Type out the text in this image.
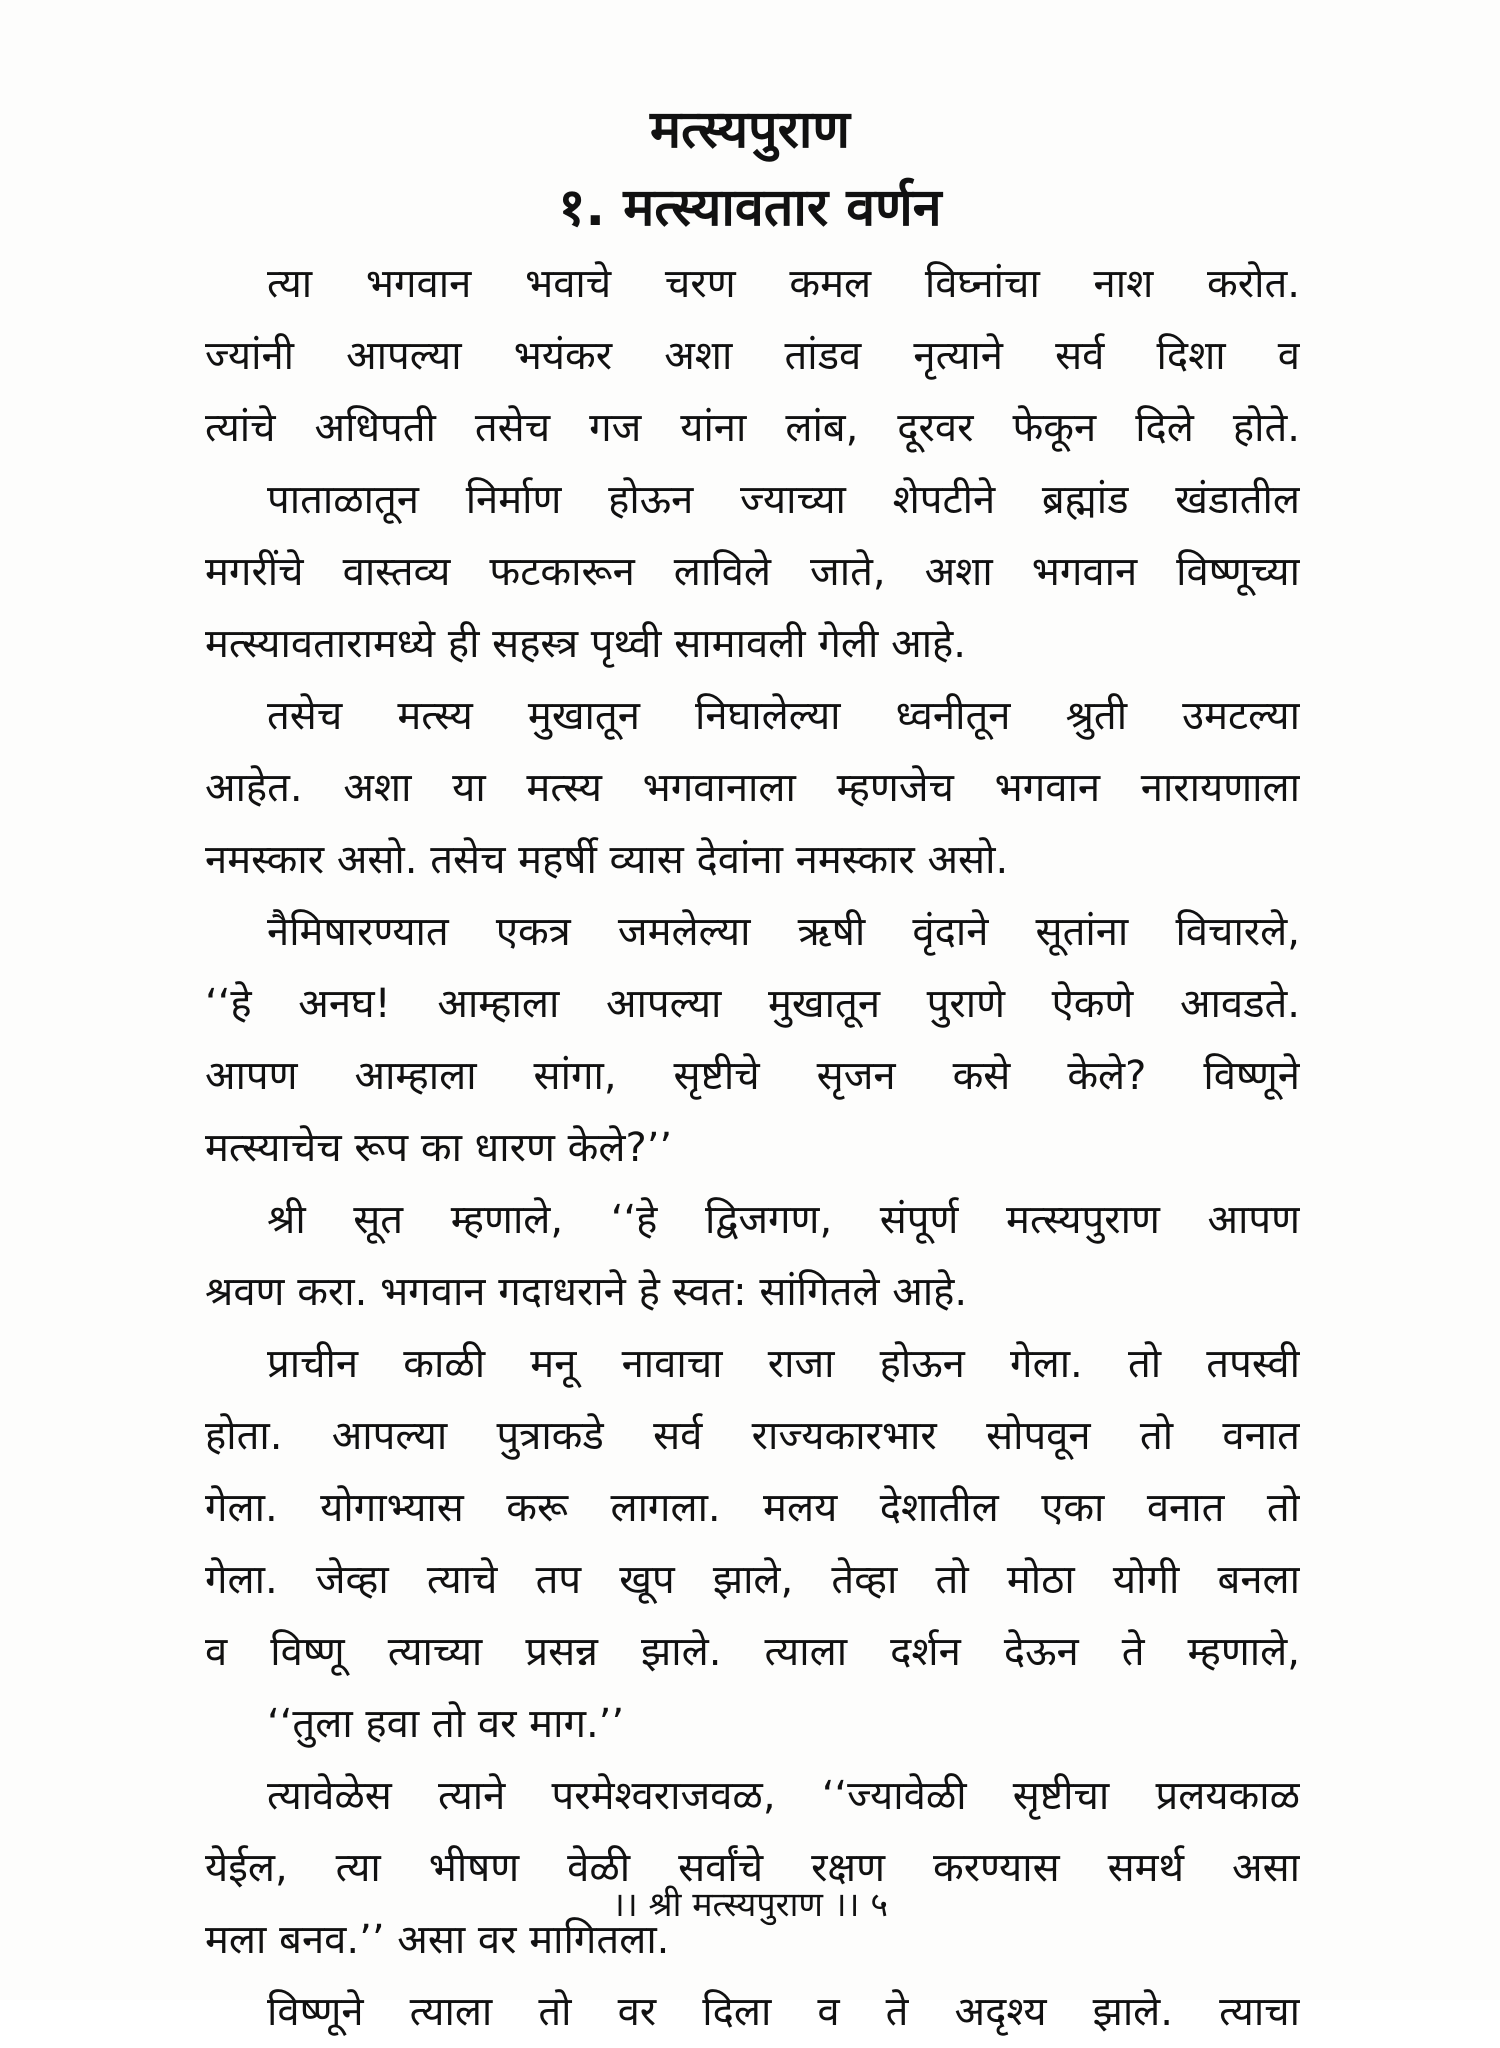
मत्स्यपुराण
१. मत्स्यावतार वर्णन
त्या भगवान भवाचे चरण कमल विघ्नांचा नाश करोत.
ज्यांनी आपल्या भयंकर अशा तांडव नृत्याने सर्व दिशा व
त्यांचे अधिपती तसेच गज यांना लांब, दूरवर फेकून दिले होते.
पाताळातून निर्माण होऊन ज्याच्या शेपटीने ब्रह्मांड खंडातील
मगरींचे वास्तव्य फटकारून लाविले जाते, अशा भगवान विष्णूच्या
मत्स्यावतारामध्ये ही सहस्त्र पृथ्वी सामावली गेली आहे.
तसेच मत्स्य मुखातून निघालेल्या ध्वनीतून श्रुती उमटल्या
आहेत. अशा या मत्स्य भगवानाला म्हणजेच भगवान नारायणाला
नमस्कार असो. तसेच महर्षी व्यास देवांना नमस्कार असो.
नैमिषारण्यात एकत्र जमलेल्या ऋषी वृंदाने सूतांना विचारले,
‘‘हे अनघ! आम्हाला आपल्या मुखातून पुराणे ऐकणे आवडते.
आपण आम्हाला सांगा, सृष्टीचे सृजन कसे केले? विष्णूने
मत्स्याचेच रूप का धारण केले?’’
श्री सूत म्हणाले, ‘‘हे द्विजगण, संपूर्ण मत्स्यपुराण आपण
श्रवण करा. भगवान गदाधराने हे स्वत: सांगितले आहे.
प्राचीन काळी मनू नावाचा राजा होऊन गेला. तो तपस्वी
होता. आपल्या पुत्राकडे सर्व राज्यकारभार सोपवून तो वनात
गेला. योगाभ्यास करू लागला. मलय देशातील एका वनात तो
गेला. जेव्हा त्याचे तप खूप झाले, तेव्हा तो मोठा योगी बनला
व विष्णू त्याच्या प्रसन्न झाले. त्याला दर्शन देऊन ते म्हणाले,
‘‘तुला हवा तो वर माग.’’
त्यावेळेस त्याने परमेश्वराजवळ, ‘‘ज्यावेळी सृष्टीचा प्रलयकाळ
येईल, त्या भीषण वेळी सर्वांचे रक्षण करण्यास समर्थ असा
मला बनव.’’ असा वर मागितला.
विष्णूने त्याला तो वर दिला व ते अदृश्य झाले. त्याचा
।। श्री मत्स्यपुराण ।। ५
